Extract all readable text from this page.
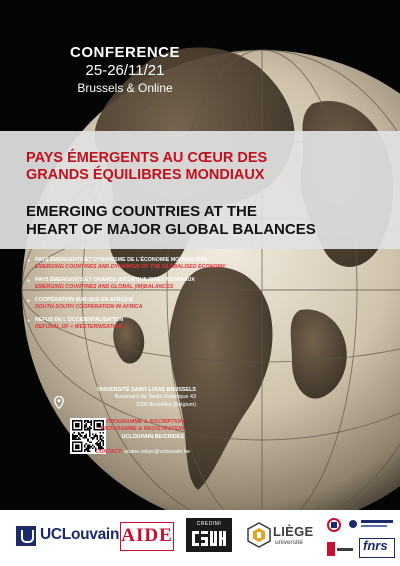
CONFERENCE
25-26/11/21
Brussels & Online
PAYS ÉMERGENTS AU CŒUR DES
GRANDS ÉQUILIBRES MONDIAUX
EMERGING COUNTRIES AT THE
HEART OF MAJOR GLOBAL BALANCES
● PAYS ÉMERGENTS ET DYNAMISME DE L'ÉCONOMIE MONDIALISÉE
EMERGING COUNTRIES AND DYNAMISM OF THE GLOBALISED ECONOMY
● PAYS ÉMERGENTS ET GRANDS (DÉS)ÉQUILIBRES MONDIAUX
EMERGING COUNTRIES AND GLOBAL (IM)BALANCES
● COOPÉRATION SUD-SUD EN AFRIQUE
SOUTH-SOUTH COOPERATION IN AFRICA
● REFUS DE L'OCCIDENTALISATION
REFUSAL OF « WESTERNISATION »
UNIVERSITÉ SAINT-LOUIS BRUSSELS
Boulevard du Jardin Botanique 43
1000 Bruxelles (Belgium)
PROGRAMME & INSCRIPTION
PROGRAMME & REGISTRATION
UCLOUVAIN.BE/CRIDES
CONTACT: ariane.robyn@uclouvain.be
UCLouvain AIDE
CREDIMI	LIÈGE
université	fnrs
